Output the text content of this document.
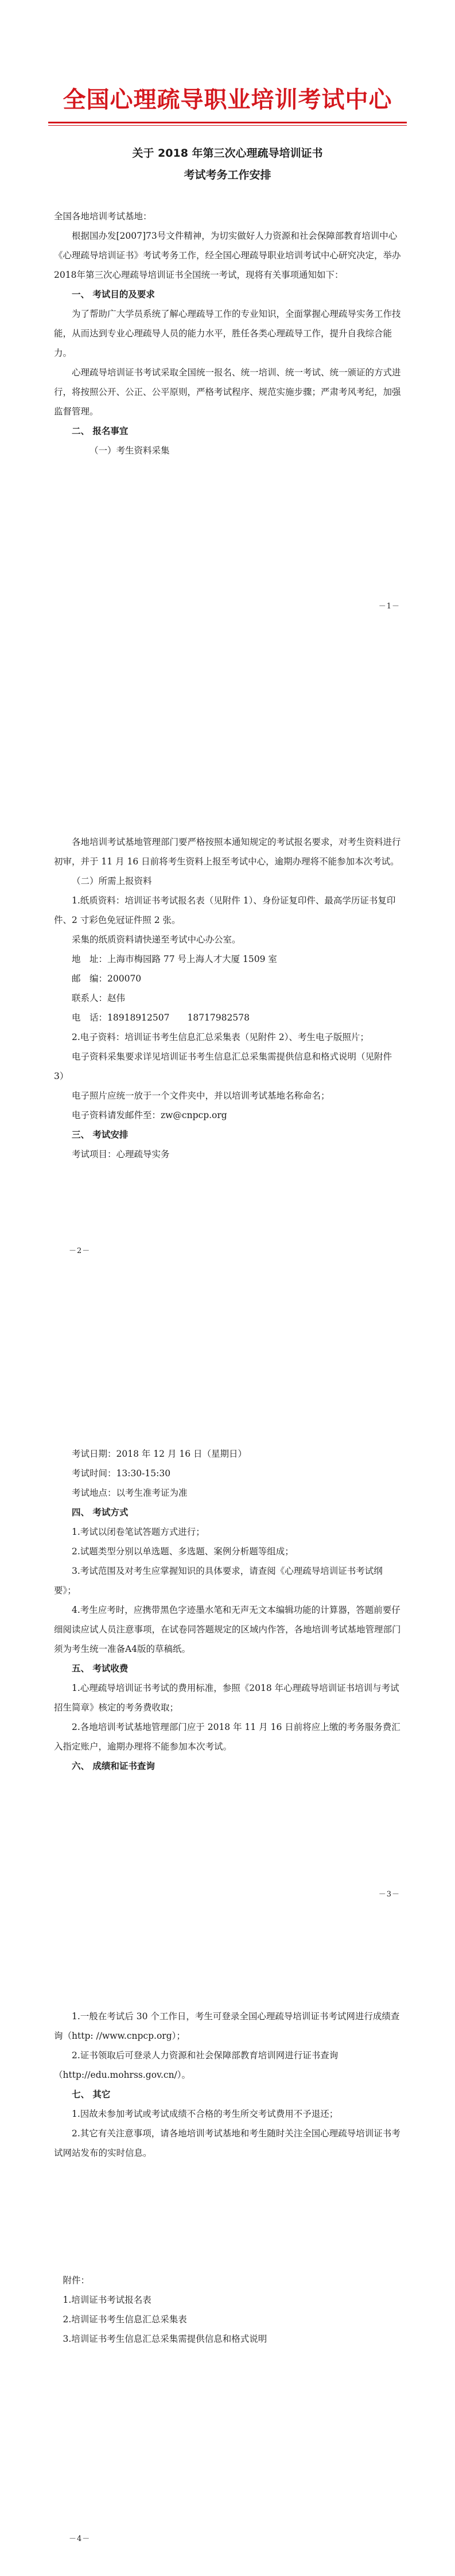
全国心理疏导职业培训考试中心
关于 2018 年第三次心理疏导培训证书
考试考务工作安排

全国各地培训考试基地：

根据国办发[2007]73号文件精神，为切实做好人力资源和社会保障部教育培训中心《心理疏导培训证书》考试考务工作，经全国心理疏导职业培训考试中心研究决定，举办2018年第三次心理疏导培训证书全国统一考试，现将有关事项通知如下：

一、 考试目的及要求

为了帮助广大学员系统了解心理疏导工作的专业知识，全面掌握心理疏导实务工作技能，从而达到专业心理疏导人员的能力水平，胜任各类心理疏导工作，提升自我综合能力。

心理疏导培训证书考试采取全国统一报名、统一培训、统一考试、统一颁证的方式进行，将按照公开、公正、公平原则，严格考试程序、规范实施步骤；严肃考风考纪，加强监督管理。

二、 报名事宜

（一）考生资料采集

－1－

各地培训考试基地管理部门要严格按照本通知规定的考试报名要求，对考生资料进行初审，并于 11 月 16 日前将考生资料上报至考试中心，逾期办理将不能参加本次考试。

（二）所需上报资料

1.纸质资料：培训证书考试报名表（见附件 1）、身份证复印件、最高学历证书复印件、2 寸彩色免冠证件照 2 张。

采集的纸质资料请快递至考试中心办公室。

地　址：上海市梅园路 77 号上海人才大厦 1509 室

邮　编：200070

联系人：赵伟

电　话：18918912507　　18717982578

2.电子资料：培训证书考生信息汇总采集表（见附件 2）、考生电子版照片；

电子资料采集要求详见培训证书考生信息汇总采集需提供信息和格式说明（见附件 3）

电子照片应统一放于一个文件夹中，并以培训考试基地名称命名；

电子资料请发邮件至：zw@cnpcp.org

三、 考试安排

考试项目：心理疏导实务

－2－

考试日期：2018 年 12 月 16 日（星期日）

考试时间：13:30-15:30

考试地点：以考生准考证为准

四、 考试方式

1.考试以闭卷笔试答题方式进行；

2.试题类型分别以单选题、多选题、案例分析题等组成；

3.考试范围及对考生应掌握知识的具体要求，请查阅《心理疏导培训证书考试纲要》；

4.考生应考时，应携带黑色字迹墨水笔和无声无文本编辑功能的计算器，答题前要仔细阅读应试人员注意事项，在试卷同答题规定的区域内作答，各地培训考试基地管理部门须为考生统一准备A4版的草稿纸。

五、 考试收费

1.心理疏导培训证书考试的费用标准，参照《2018 年心理疏导培训证书培训与考试招生简章》核定的考务费收取；

2.各地培训考试基地管理部门应于 2018 年 11 月 16 日前将应上缴的考务服务费汇入指定账户，逾期办理将不能参加本次考试。

六、 成绩和证书查询

－3－

1.一般在考试后 30 个工作日，考生可登录全国心理疏导培训证书考试网进行成绩查询（http: //www.cnpcp.org）；

2.证书领取后可登录人力资源和社会保障部教育培训网进行证书查询（http://edu.mohrss.gov.cn/）。

七、 其它

1.因故未参加考试或考试成绩不合格的考生所交考试费用不予退还；

2.其它有关注意事项，请各地培训考试基地和考生随时关注全国心理疏导培训证书考试网站发布的实时信息。

附件：

1.培训证书考试报名表

2.培训证书考生信息汇总采集表

3.培训证书考生信息汇总采集需提供信息和格式说明

－4－
